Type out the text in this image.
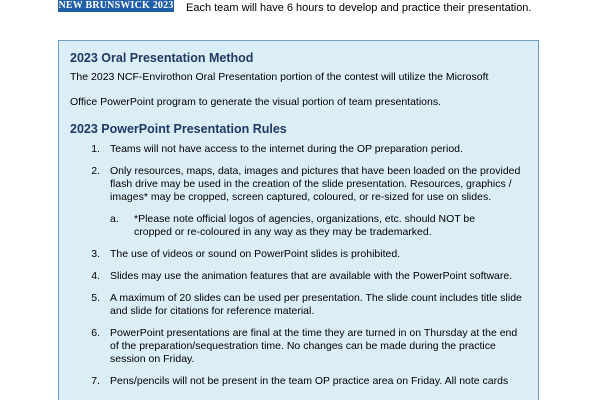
NEW BRUNSWICK 2023 Each team will have 6 hours to develop and practice their presentation.
2023 Oral Presentation Method
The 2023 NCF-Envirothon Oral Presentation portion of the contest will utilize the Microsoft
Office PowerPoint program to generate the visual portion of team presentations.
2023 PowerPoint Presentation Rules
1. Teams will not have access to the internet during the OP preparation period.
2. Only resources, maps, data, images and pictures that have been loaded on the provided flash drive may be used in the creation of the slide presentation. Resources, graphics / images* may be cropped, screen captured, coloured, or re-sized for use on slides.
a.	*Please note official logos of agencies, organizations, etc. should NOT be cropped or re-coloured in any way as they may be trademarked.
3. The use of videos or sound on PowerPoint slides is prohibited.
4. Slides may use the animation features that are available with the PowerPoint software.
5. A maximum of 20 slides can be used per presentation. The slide count includes title slide and slide for citations for reference material.
6. PowerPoint presentations are final at the time they are turned in on Thursday at the end of the preparation/sequestration time. No changes can be made during the practice session on Friday.
7. Pens/pencils will not be present in the team OP practice area on Friday. All note cards
